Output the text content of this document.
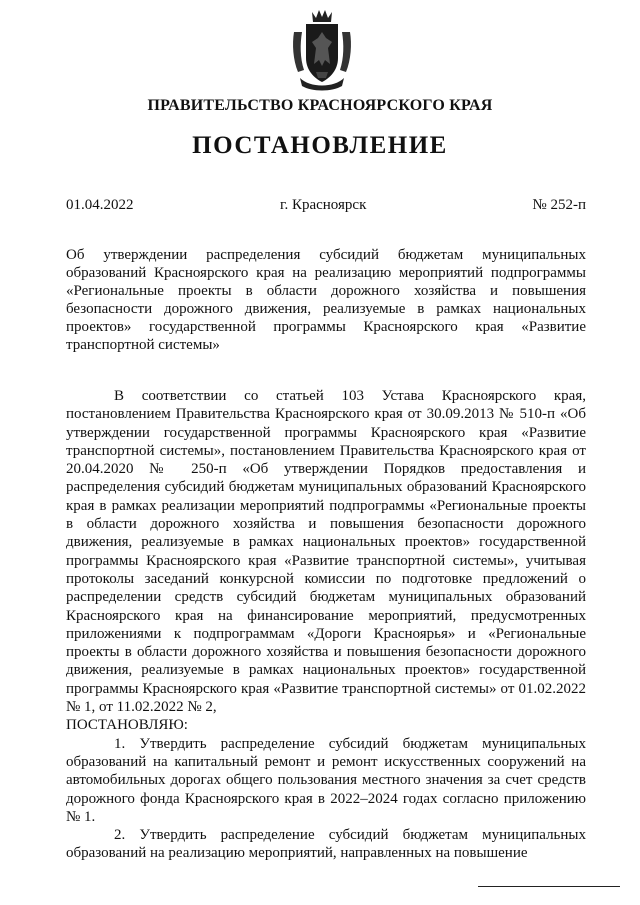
ПРАВИТЕЛЬСТВО КРАСНОЯРСКОГО КРАЯ
ПОСТАНОВЛЕНИЕ
01.04.2022	г. Красноярск	№ 252-п
Об утверждении распределения субсидий бюджетам муниципальных образований Красноярского края на реализацию мероприятий подпрограммы «Региональные проекты в области дорожного хозяйства и повышения безопасности дорожного движения, реализуемые в рамках национальных проектов» государственной программы Красноярского края «Развитие транспортной системы»

В соответствии со статьей 103 Устава Красноярского края, постановлением Правительства Красноярского края от 30.09.2013 № 510-п «Об утверждении государственной программы Красноярского края «Развитие транспортной системы», постановлением Правительства Красноярского края от 20.04.2020 № 250-п «Об утверждении Порядков предоставления и распределения субсидий бюджетам муниципальных образований Красноярского края в рамках реализации мероприятий подпрограммы «Региональные проекты в области дорожного хозяйства и повышения безопасности дорожного движения, реализуемые в рамках национальных проектов» государственной программы Красноярского края «Развитие транспортной системы», учитывая протоколы заседаний конкурсной комиссии по подготовке предложений о распределении средств субсидий бюджетам муниципальных образований Красноярского края на финансирование мероприятий, предусмотренных приложениями к подпрограммам «Дороги Красноярья» и «Региональные проекты в области дорожного хозяйства и повышения безопасности дорожного движения, реализуемые в рамках национальных проектов» государственной программы Красноярского края «Развитие транспортной системы» от 01.02.2022 № 1, от 11.02.2022 № 2,

ПОСТАНОВЛЯЮ:

1. Утвердить распределение субсидий бюджетам муниципальных образований на капитальный ремонт и ремонт искусственных сооружений на автомобильных дорогах общего пользования местного значения за счет средств дорожного фонда Красноярского края в 2022–2024 годах согласно приложению № 1.

2. Утвердить распределение субсидий бюджетам муниципальных образований на реализацию мероприятий, направленных на повышение
